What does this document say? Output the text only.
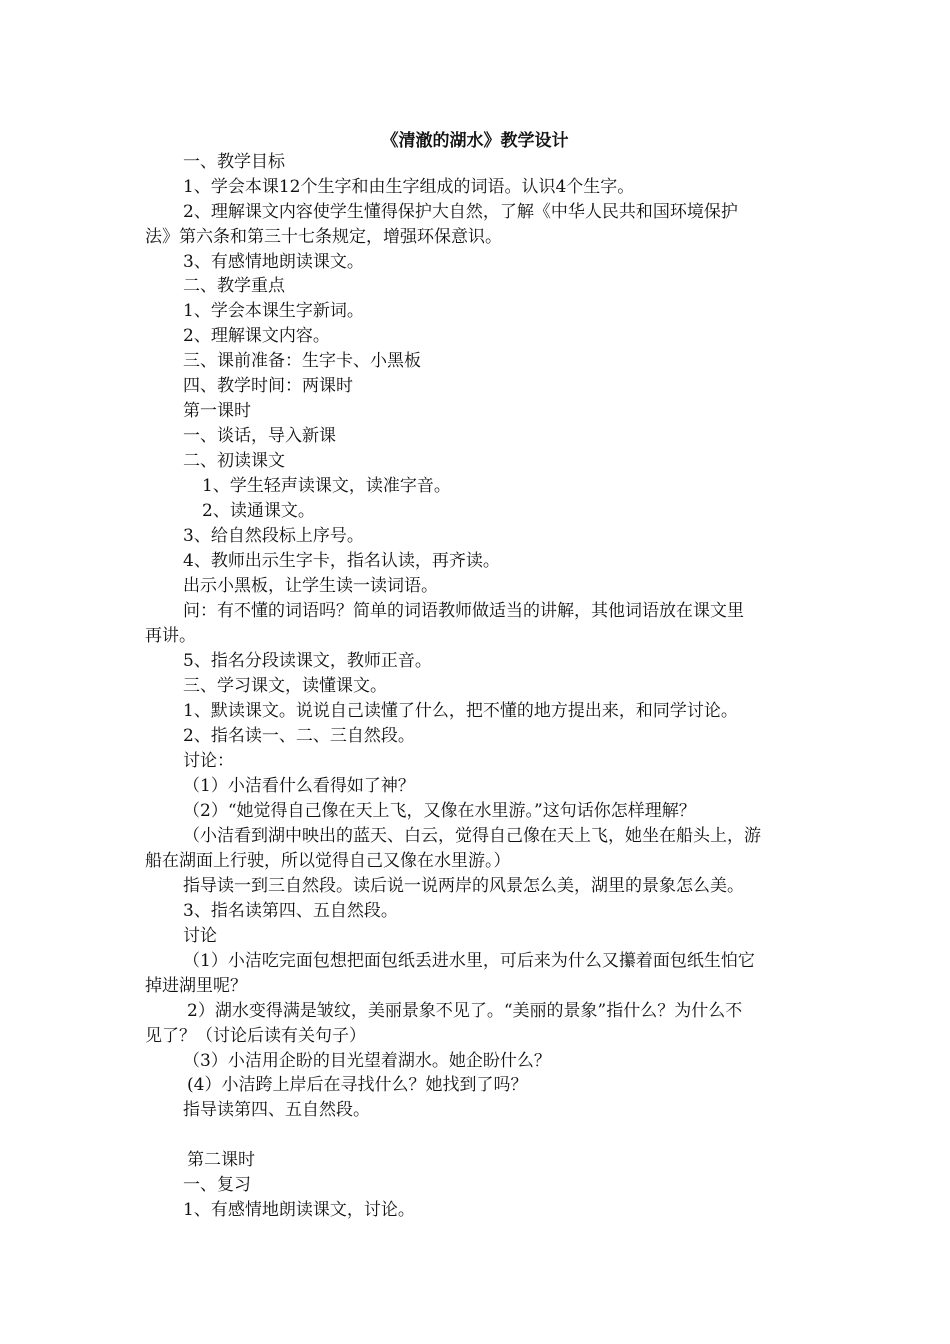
《清澈的湖水》教学设计
一、教学目标
1、学会本课12个生字和由生字组成的词语。认识4个生字。
2、理解课文内容使学生懂得保护大自然，了解《中华人民共和国环境保护
法》第六条和第三十七条规定，增强环保意识。
3、有感情地朗读课文。
二、教学重点
1、学会本课生字新词。
2、理解课文内容。
三、课前准备：生字卡、小黑板
四、教学时间：两课时
第一课时
一、谈话，导入新课
二、初读课文
1、学生轻声读课文，读准字音。
2、读通课文。
3、给自然段标上序号。
4、教师出示生字卡，指名认读，再齐读。
出示小黑板，让学生读一读词语。
问：有不懂的词语吗？简单的词语教师做适当的讲解，其他词语放在课文里
再讲。
5、指名分段读课文，教师正音。
三、学习课文，读懂课文。
1、默读课文。说说自己读懂了什么，把不懂的地方提出来，和同学讨论。
2、指名读一、二、三自然段。
讨论：
（1）小洁看什么看得如了神？
（2）“她觉得自己像在天上飞，又像在水里游。”这句话你怎样理解？
（小洁看到湖中映出的蓝天、白云，觉得自己像在天上飞，她坐在船头上，游
船在湖面上行驶，所以觉得自己又像在水里游。）
指导读一到三自然段。读后说一说两岸的风景怎么美，湖里的景象怎么美。
3、指名读第四、五自然段。
讨论
（1）小洁吃完面包想把面包纸丢进水里，可后来为什么又攥着面包纸生怕它
掉进湖里呢？
2）湖水变得满是皱纹，美丽景象不见了。“美丽的景象”指什么？为什么不
见了？（讨论后读有关句子）
（3）小洁用企盼的目光望着湖水。她企盼什么？
(4）小洁跨上岸后在寻找什么？她找到了吗？
指导读第四、五自然段。
第二课时
一、复习
1、有感情地朗读课文，讨论。
